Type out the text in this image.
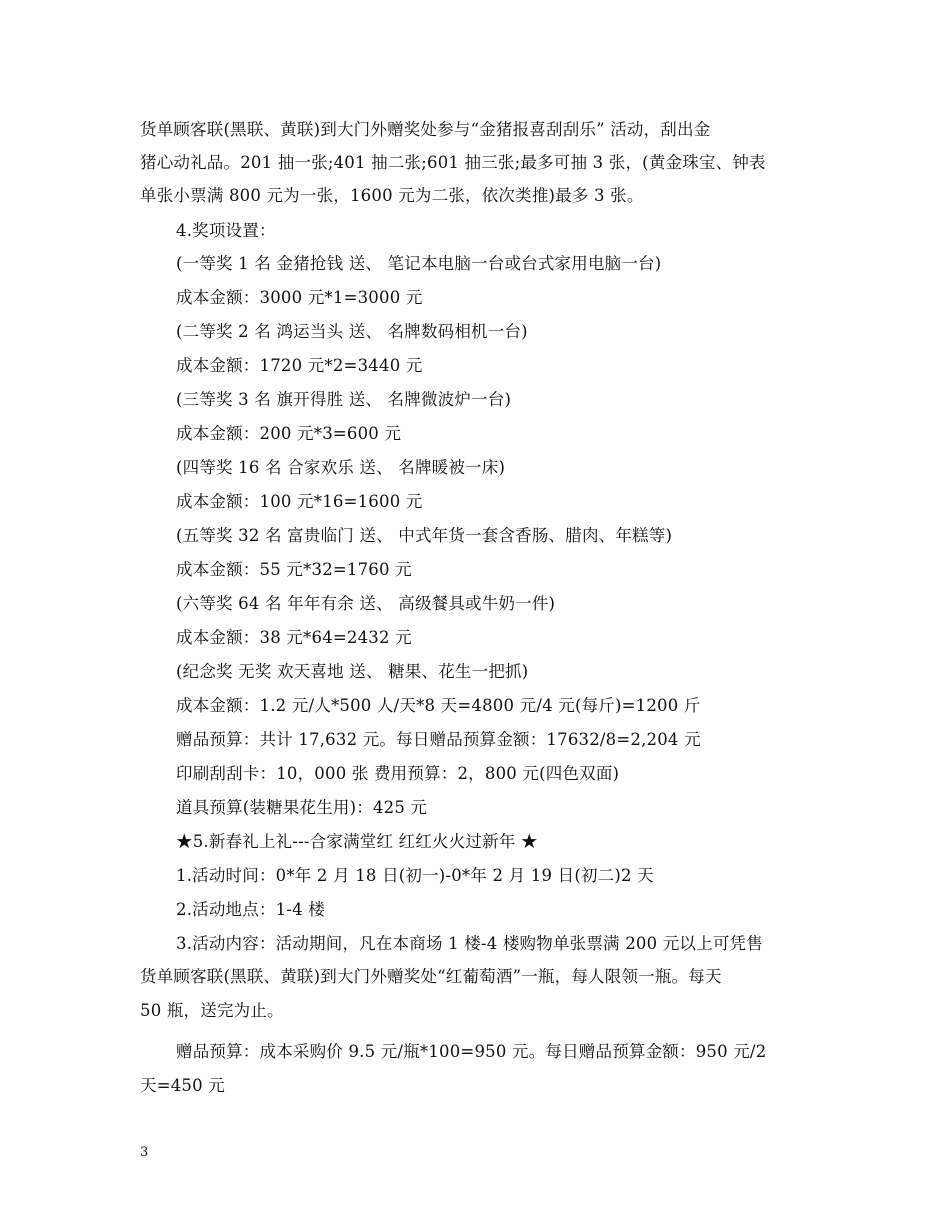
货单顾客联(黑联、黄联)到大门外赠奖处参与“金猪报喜刮刮乐” 活动，刮出金
猪心动礼品。201 抽一张;401 抽二张;601 抽三张;最多可抽 3 张，(黄金珠宝、钟表
单张小票满 800 元为一张，1600 元为二张，依次类推)最多 3 张。
4.奖项设置：
(一等奖 1 名 金猪抢钱 送、 笔记本电脑一台或台式家用电脑一台)
成本金额：3000 元*1=3000 元
(二等奖 2 名 鸿运当头 送、 名牌数码相机一台)
成本金额：1720 元*2=3440 元
(三等奖 3 名 旗开得胜 送、 名牌微波炉一台)
成本金额：200 元*3=600 元
(四等奖 16 名 合家欢乐 送、 名牌暖被一床)
成本金额：100 元*16=1600 元
(五等奖 32 名 富贵临门 送、 中式年货一套含香肠、腊肉、年糕等)
成本金额：55 元*32=1760 元
(六等奖 64 名 年年有余 送、 高级餐具或牛奶一件)
成本金额：38 元*64=2432 元
(纪念奖 无奖 欢天喜地 送、 糖果、花生一把抓)
成本金额：1.2 元/人*500 人/天*8 天=4800 元/4 元(每斤)=1200 斤
赠品预算：共计 17,632 元。每日赠品预算金额：17632/8=2,204 元
印刷刮刮卡：10，000 张 费用预算：2，800 元(四色双面)
道具预算(装糖果花生用)：425 元
★5.新春礼上礼---合家满堂红 红红火火过新年 ★
1.活动时间：0*年 2 月 18 日(初一)-0*年 2 月 19 日(初二)2 天
2.活动地点：1-4 楼
3.活动内容：活动期间，凡在本商场 1 楼-4 楼购物单张票满 200 元以上可凭售
货单顾客联(黑联、黄联)到大门外赠奖处“红葡萄酒”一瓶，每人限领一瓶。每天
50 瓶，送完为止。
赠品预算：成本采购价 9.5 元/瓶*100=950 元。每日赠品预算金额：950 元/2
天=450 元
3
